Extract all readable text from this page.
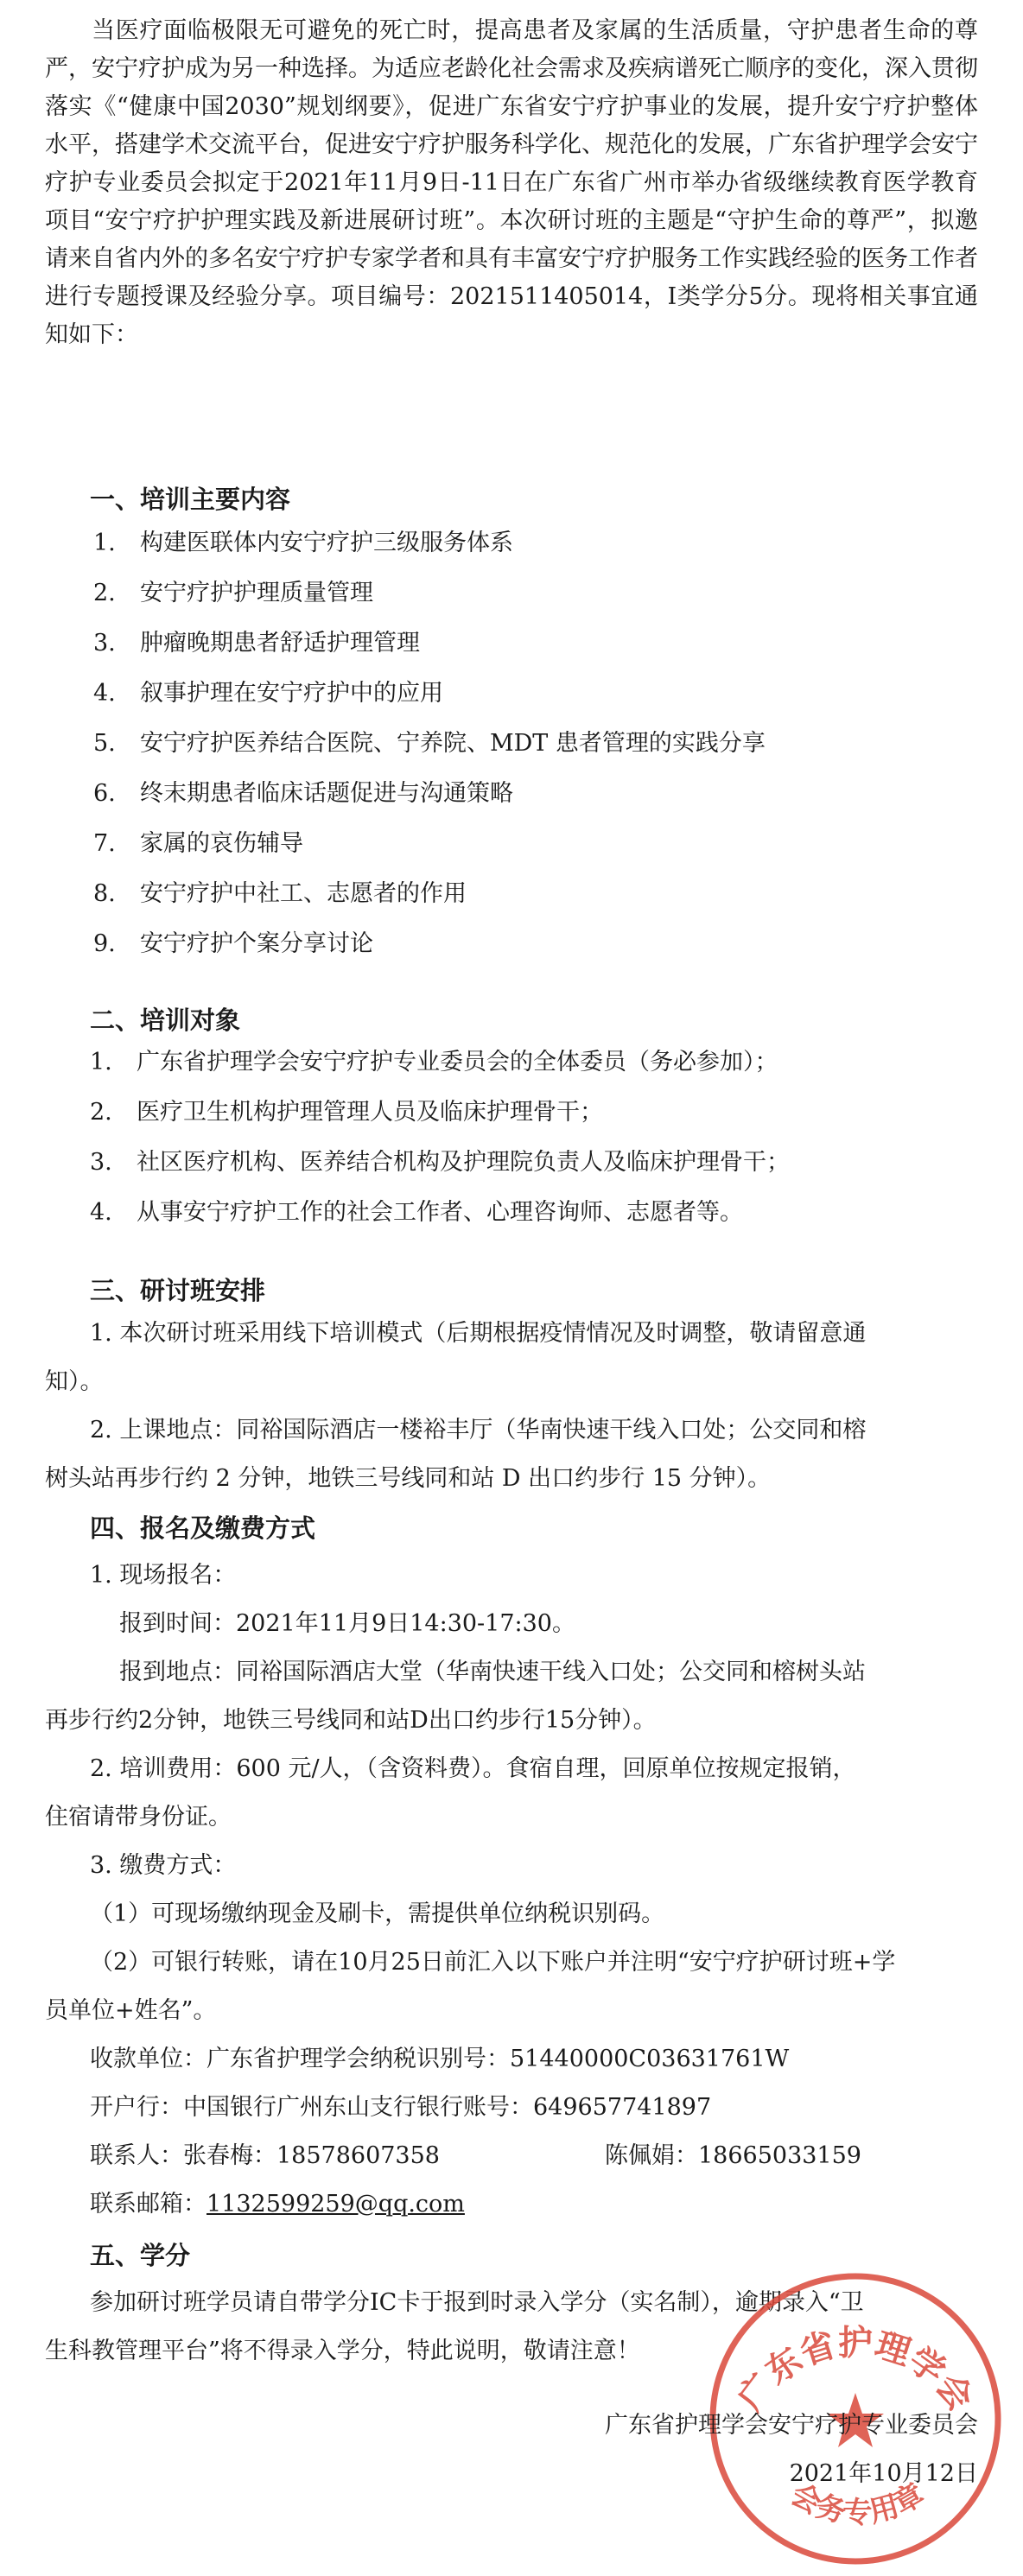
当医疗面临极限无可避免的死亡时，提高患者及家属的生活质量，守护患者生命的尊严，安宁疗护成为另一种选择。为适应老龄化社会需求及疾病谱死亡顺序的变化，深入贯彻落实《“健康中国2030”规划纲要》，促进广东省安宁疗护事业的发展，提升安宁疗护整体水平，搭建学术交流平台，促进安宁疗护服务科学化、规范化的发展，广东省护理学会安宁疗护专业委员会拟定于2021年11月9日-11日在广东省广州市举办省级继续教育医学教育项目“安宁疗护护理实践及新进展研讨班”。本次研讨班的主题是“守护生命的尊严”，拟邀请来自省内外的多名安宁疗护专家学者和具有丰富安宁疗护服务工作实践经验的医务工作者进行专题授课及经验分享。项目编号：2021511405014，I类学分5分。现将相关事宜通知如下：
一、培训主要内容
1. 构建医联体内安宁疗护三级服务体系
2. 安宁疗护护理质量管理
3. 肿瘤晚期患者舒适护理管理
4. 叙事护理在安宁疗护中的应用
5. 安宁疗护医养结合医院、宁养院、MDT 患者管理的实践分享
6. 终末期患者临床话题促进与沟通策略
7. 家属的哀伤辅导
8. 安宁疗护中社工、志愿者的作用
9. 安宁疗护个案分享讨论
二、培训对象
1. 广东省护理学会安宁疗护专业委员会的全体委员（务必参加）；
2. 医疗卫生机构护理管理人员及临床护理骨干；
3. 社区医疗机构、医养结合机构及护理院负责人及临床护理骨干；
4. 从事安宁疗护工作的社会工作者、心理咨询师、志愿者等。
三、研讨班安排
1. 本次研讨班采用线下培训模式（后期根据疫情情况及时调整，敬请留意通
知）。
2. 上课地点：同裕国际酒店一楼裕丰厅（华南快速干线入口处；公交同和榕
树头站再步行约 2 分钟，地铁三号线同和站 D 出口约步行 15 分钟）。
四、报名及缴费方式
1. 现场报名：
报到时间：2021年11月9日14:30-17:30。
报到地点：同裕国际酒店大堂（华南快速干线入口处；公交同和榕树头站
再步行约2分钟，地铁三号线同和站D出口约步行15分钟）。
2. 培训费用：600 元/人，（含资料费）。食宿自理，回原单位按规定报销，
住宿请带身份证。
3. 缴费方式：
（1）可现场缴纳现金及刷卡，需提供单位纳税识别码。
（2）可银行转账，请在10月25日前汇入以下账户并注明“安宁疗护研讨班+学
员单位+姓名”。
收款单位：广东省护理学会纳税识别号：51440000C03631761W
开户行：中国银行广州东山支行银行账号：649657741897
联系人：张春梅：18578607358	陈佩娟：18665033159
联系邮箱：1132599259@qq.com
五、学分
参加研讨班学员请自带学分IC卡于报到时录入学分（实名制），逾期录入“卫
生科教管理平台”将不得录入学分，特此说明，敬请注意！
广东省护理学会
会务专用章
广东省护理学会安宁疗护专业委员会
2021年10月12日
